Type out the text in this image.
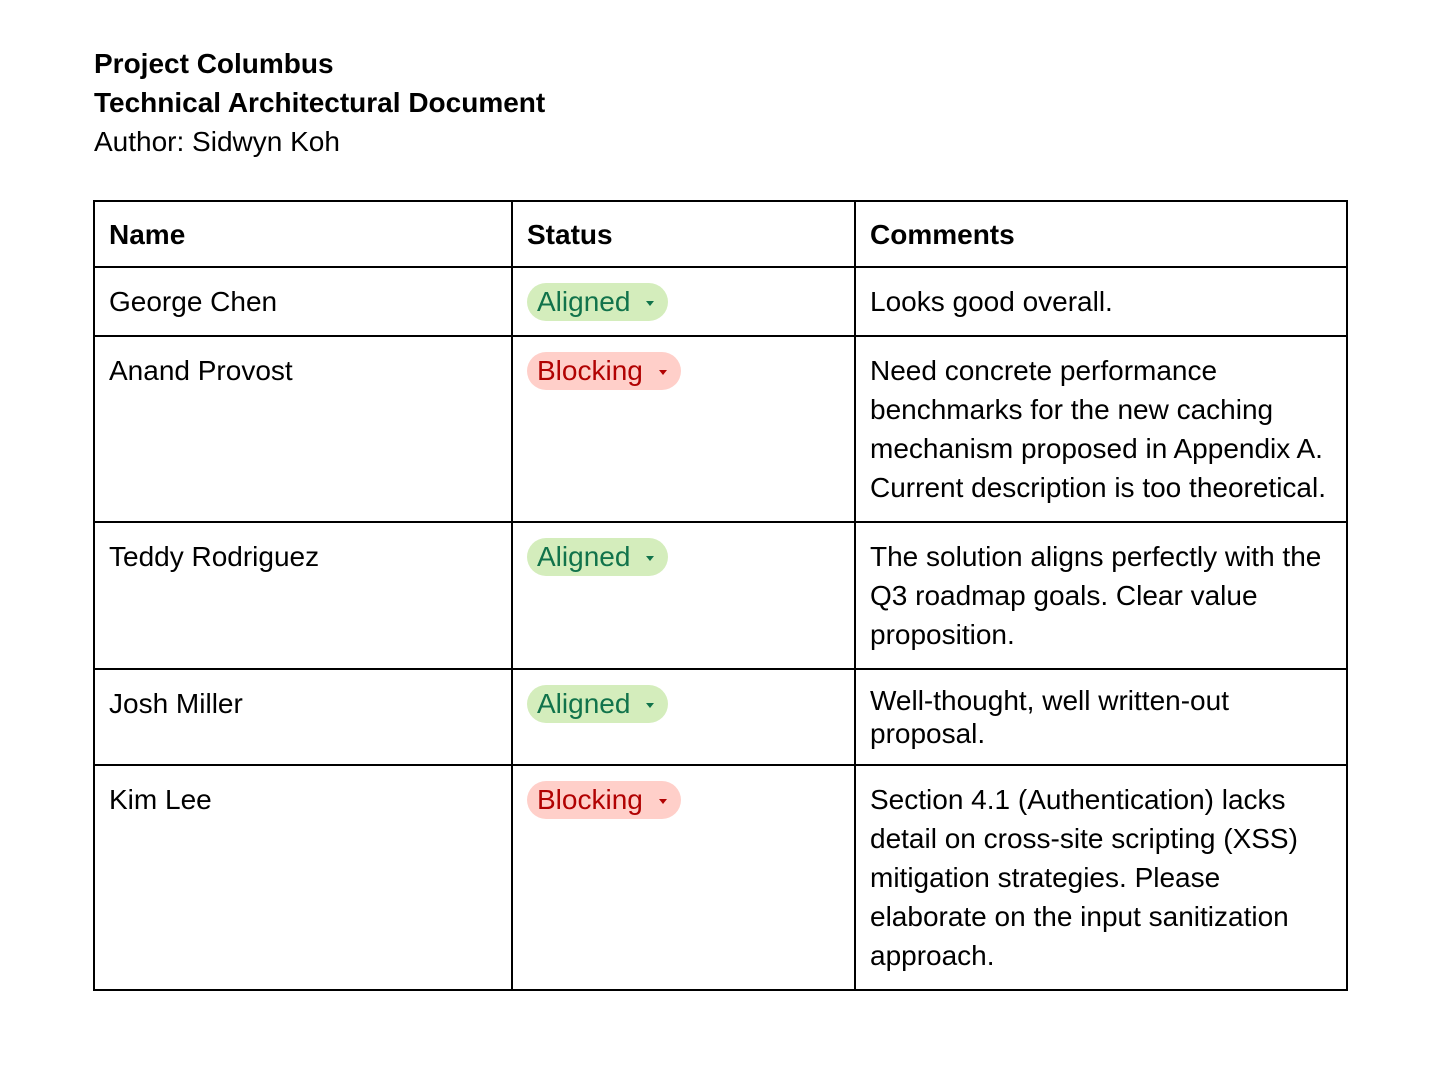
Project Columbus
Technical Architectural Document
Author: Sidwyn Koh
Name	Status	Comments
George Chen	Aligned	Looks good overall.
Anand Provost	Blocking	Need concrete performance benchmarks for the new caching mechanism proposed in Appendix A. Current description is too theoretical.
Teddy Rodriguez	Aligned	The solution aligns perfectly with the Q3 roadmap goals. Clear value proposition.
Josh Miller	Aligned	Well-thought, well written-out proposal.
Kim Lee	Blocking	Section 4.1 (Authentication) lacks detail on cross-site scripting (XSS) mitigation strategies. Please elaborate on the input sanitization approach.
